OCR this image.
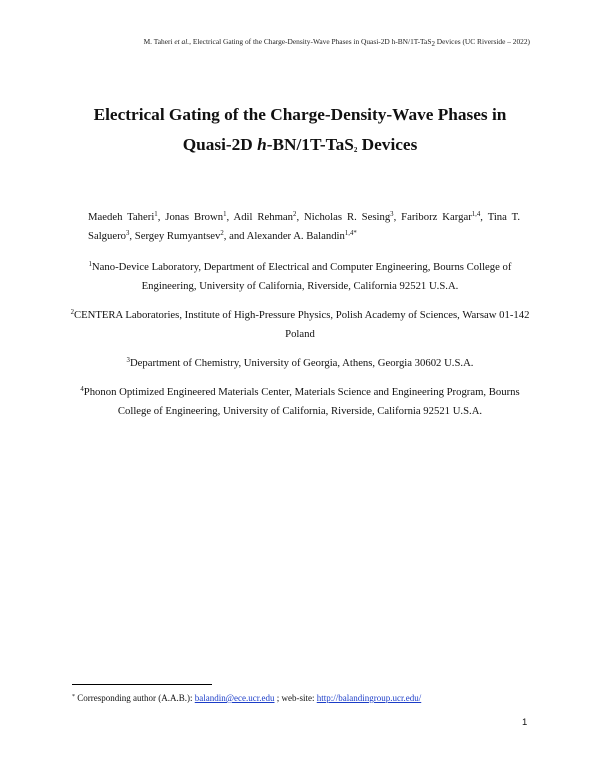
M. Taheri et al., Electrical Gating of the Charge-Density-Wave Phases in Quasi-2D h-BN/1T-TaS$_2$ Devices (UC Riverside – 2022)
Electrical Gating of the Charge-Density-Wave Phases in
Quasi-2D h-BN/1T-TaS$_2$ Devices
Maedeh Taheri$^1$, Jonas Brown$^1$, Adil Rehman$^2$, Nicholas R. Sesing$^3$, Fariborz Kargar$^{1,4}$, Tina T. Salguero$^3$, Sergey Rumyantsev$^2$, and Alexander A. Balandin$^{1,4*}$
$^1$Nano-Device Laboratory, Department of Electrical and Computer Engineering, Bourns College of Engineering, University of California, Riverside, California 92521 U.S.A.
$^2$CENTERA Laboratories, Institute of High-Pressure Physics, Polish Academy of Sciences, Warsaw 01-142 Poland
$^3$Department of Chemistry, University of Georgia, Athens, Georgia 30602 U.S.A.
$^4$Phonon Optimized Engineered Materials Center, Materials Science and Engineering Program, Bourns College of Engineering, University of California, Riverside, California 92521 U.S.A.
* Corresponding author (A.A.B.): balandin@ece.ucr.edu ; web-site: http://balandingroup.ucr.edu/
1
